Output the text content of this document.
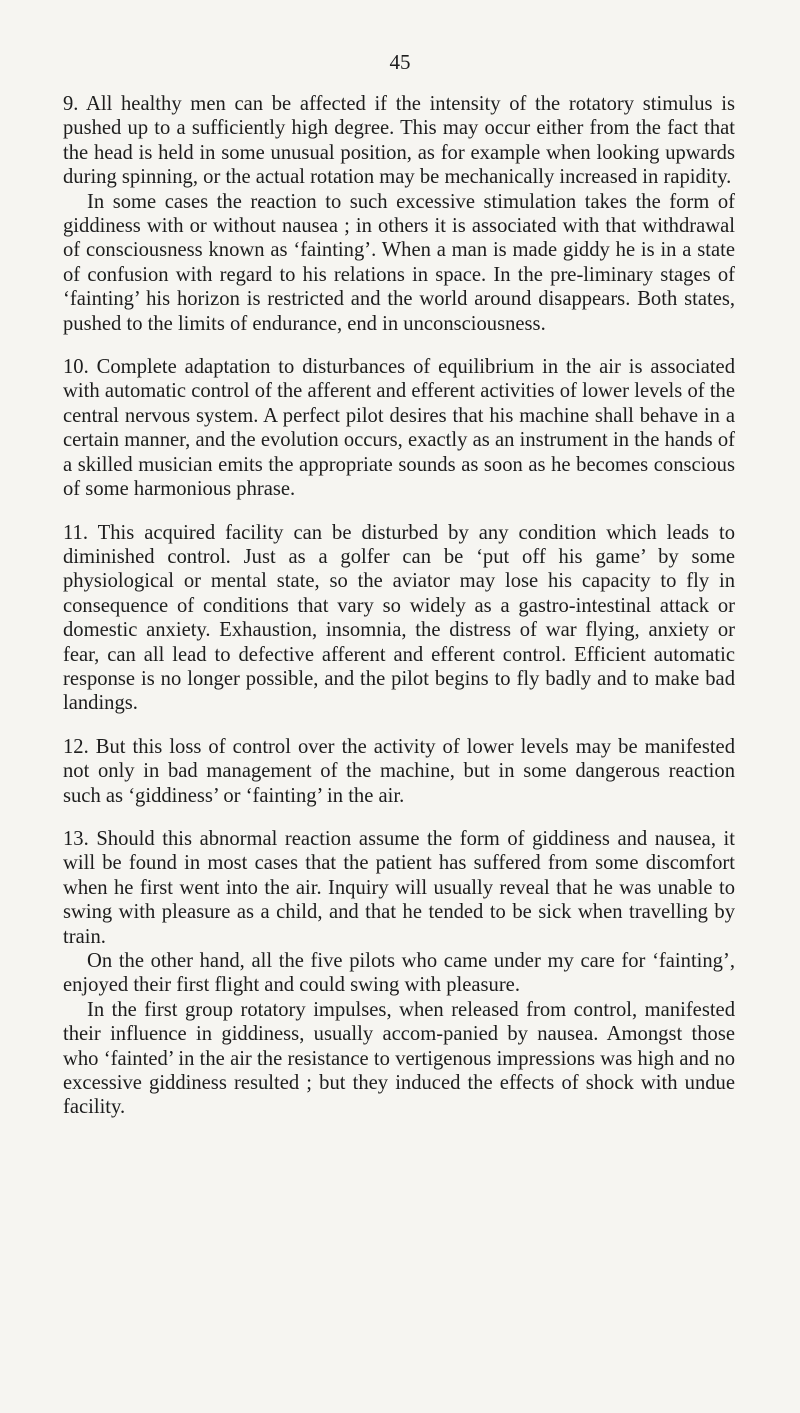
45

9. All healthy men can be affected if the intensity of the rotatory stimulus is pushed up to a sufficiently high degree. This may occur either from the fact that the head is held in some unusual position, as for example when looking upwards during spinning, or the actual rotation may be mechanically increased in rapidity.

In some cases the reaction to such excessive stimulation takes the form of giddiness with or without nausea ; in others it is associated with that withdrawal of consciousness known as ‘fainting’. When a man is made giddy he is in a state of confusion with regard to his relations in space. In the pre-liminary stages of ‘fainting’ his horizon is restricted and the world around disappears. Both states, pushed to the limits of endurance, end in unconsciousness.

10. Complete adaptation to disturbances of equilibrium in the air is associated with automatic control of the afferent and efferent activities of lower levels of the central nervous system. A perfect pilot desires that his machine shall behave in a certain manner, and the evolution occurs, exactly as an instrument in the hands of a skilled musician emits the appropriate sounds as soon as he becomes conscious of some harmonious phrase.

11. This acquired facility can be disturbed by any condition which leads to diminished control. Just as a golfer can be ‘put off his game’ by some physiological or mental state, so the aviator may lose his capacity to fly in consequence of conditions that vary so widely as a gastro-intestinal attack or domestic anxiety. Exhaustion, insomnia, the distress of war flying, anxiety or fear, can all lead to defective afferent and efferent control. Efficient automatic response is no longer possible, and the pilot begins to fly badly and to make bad landings.

12. But this loss of control over the activity of lower levels may be manifested not only in bad management of the machine, but in some dangerous reaction such as ‘giddiness’ or ‘fainting’ in the air.

13. Should this abnormal reaction assume the form of giddiness and nausea, it will be found in most cases that the patient has suffered from some discomfort when he first went into the air. Inquiry will usually reveal that he was unable to swing with pleasure as a child, and that he tended to be sick when travelling by train.

On the other hand, all the five pilots who came under my care for ‘fainting’, enjoyed their first flight and could swing with pleasure.

In the first group rotatory impulses, when released from control, manifested their influence in giddiness, usually accom-panied by nausea. Amongst those who ‘fainted’ in the air the resistance to vertigenous impressions was high and no excessive giddiness resulted ; but they induced the effects of shock with undue facility.
